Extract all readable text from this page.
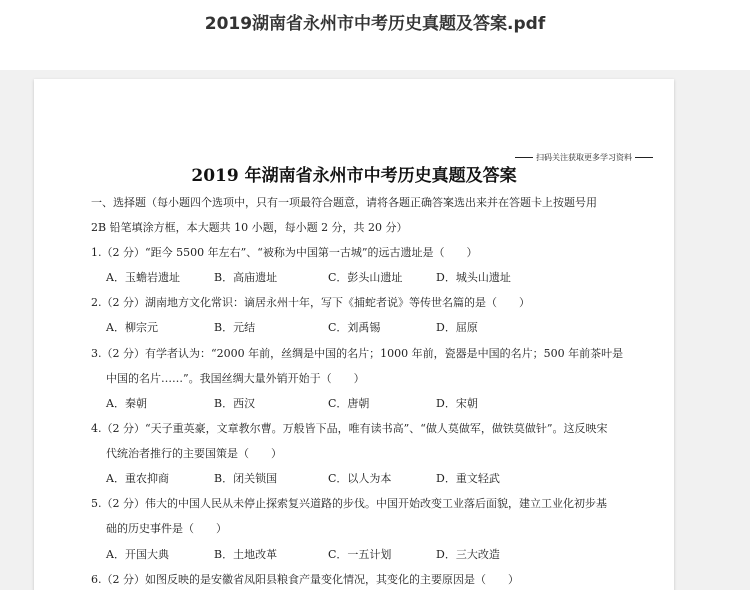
2019湖南省永州市中考历史真题及答案.pdf
扫码关注获取更多学习资料
2019 年湖南省永州市中考历史真题及答案
一、选择题（每小题四个选项中，只有一项最符合题意，请将各题正确答案选出来并在答题卡上按题号用
2B 铅笔填涂方框，本大题共 10 小题，每小题 2 分，共 20 分）
1.（2 分）“距今 5500 年左右”、“被称为中国第一古城”的远古遗址是（　　）
A．玉蟾岩遗址	B．高庙遗址	C．彭头山遗址	D．城头山遗址
2.（2 分）湖南地方文化常识：谪居永州十年，写下《捕蛇者说》等传世名篇的是（　　）
A．柳宗元	B．元结	C．刘禹锡	D．屈原
3.（2 分）有学者认为：“2000 年前，丝绸是中国的名片；1000 年前，瓷器是中国的名片；500 年前茶叶是
中国的名片……”。我国丝绸大量外销开始于（　　）
A．秦朝	B．西汉	C．唐朝	D．宋朝
4.（2 分）“天子重英豪，文章教尔曹。万般皆下品，唯有读书高”、“做人莫做军，做铁莫做针”。这反映宋
代统治者推行的主要国策是（　　）
A．重农抑商	B．闭关锁国	C．以人为本	D．重文轻武
5.（2 分）伟大的中国人民从未停止探索复兴道路的步伐。中国开始改变工业落后面貌，建立工业化初步基
础的历史事件是（　　）
A．开国大典	B．土地改革	C．一五计划	D．三大改造
6.（2 分）如图反映的是安徽省凤阳县粮食产量变化情况，其变化的主要原因是（　　）
